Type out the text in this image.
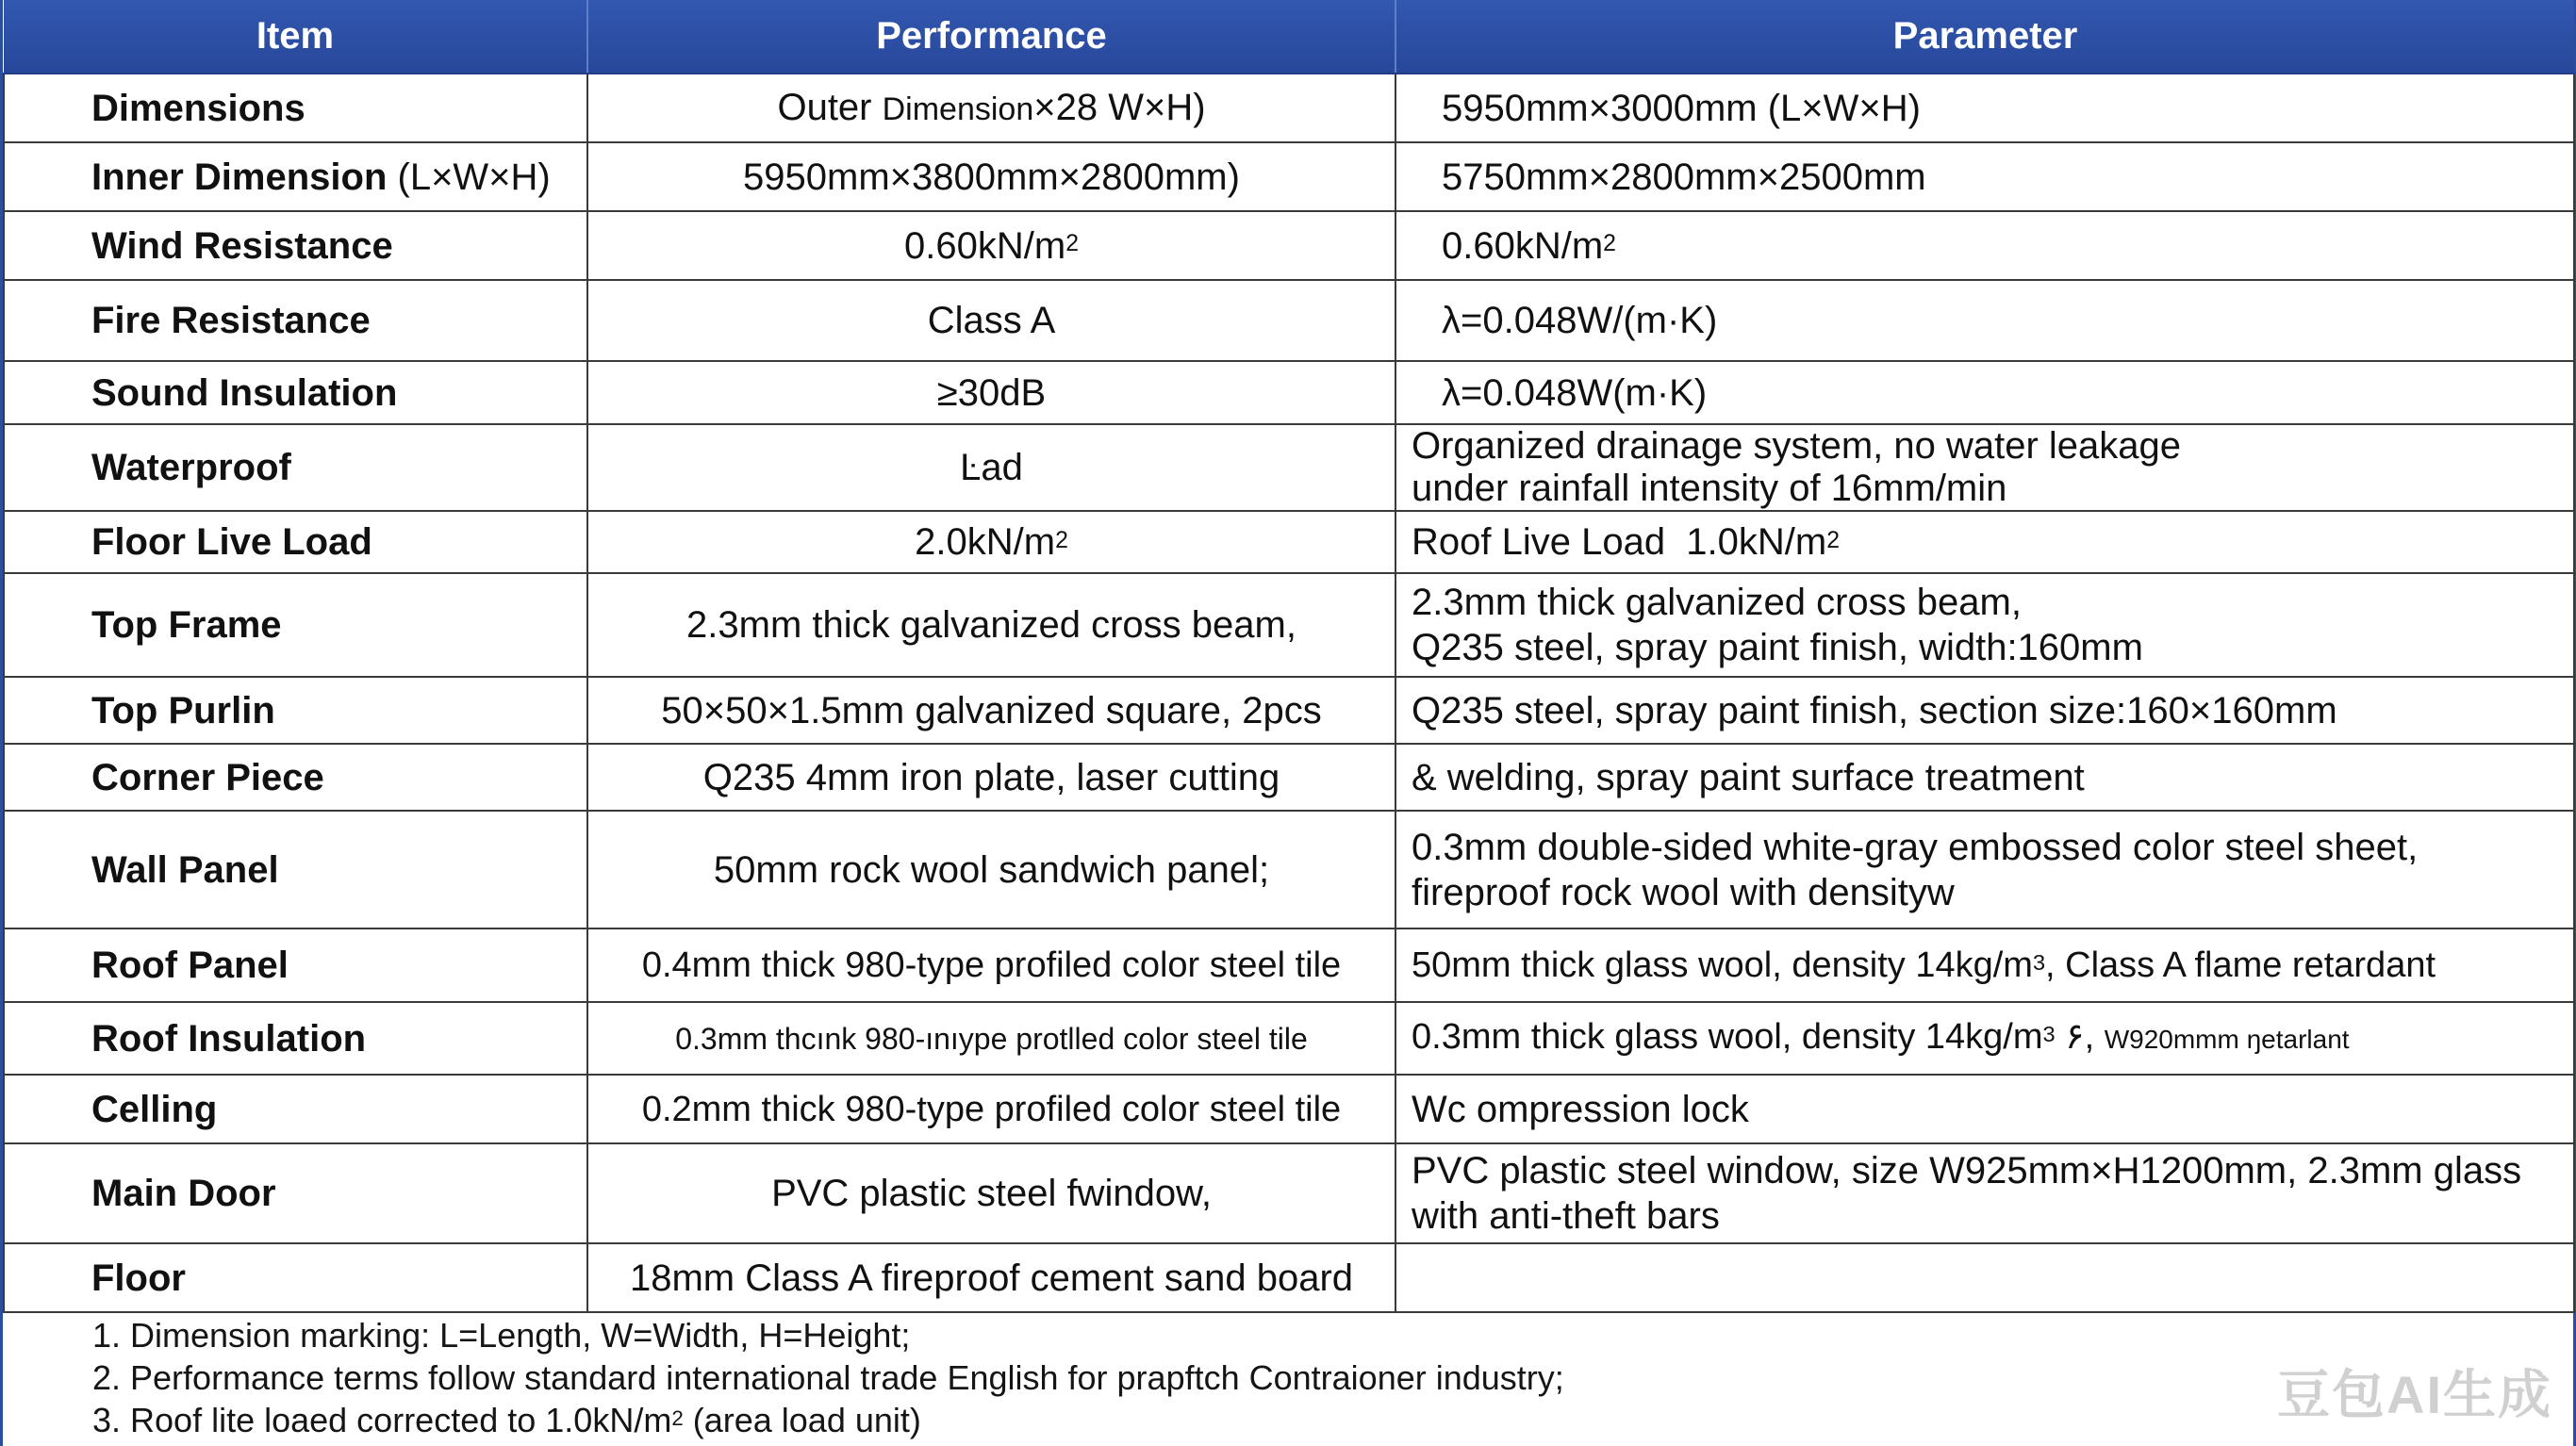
Item	Performance	Parameter
Dimensions	Outer Dimension×28 W×H)	5950mm×3000mm (L×W×H)
Inner Dimension (L×W×H)	5950mm×3800mm×2800mm)	5750mm×2800mm×2500mm
Wind Resistance	$0.60kN/m^2$	$0.60kN/m^2$
Fire Resistance	Class A	λ=0.048W/(m·K)
Sound Insulation	≥30dB	λ=0.048W(m·K)
Waterproof	Ŀad	Organized drainage system, no water leakage
under rainfall intensity of 16mm/min

Floor Live Load	$2.0kN/m^2$	Roof Live Load  $1.0kN/m^2$
Top Frame	2.3mm thick galvanized cross beam,	2.3mm thick galvanized cross beam,
Q235 steel, spray paint finish, width:160mm

Top Purlin	50×50×1.5mm galvanized square, 2pcs	Q235 steel, spray paint finish, section size:160×160mm
Corner Piece	Q235 4mm iron plate, laser cutting	& welding, spray paint surface treatment
Wall Panel	50mm rock wool sandwich panel;	0.3mm double-sided white-gray embossed color steel sheet,
fireproof rock wool with densityw

Roof Panel	0.4mm thick 980-type profiled color steel tile	50mm thick glass wool, density $14kg/m^3$, Class A flame retardant
Roof Insulation	0.3mm thcınk 980-ınıype protlled color steel tile	0.3mm thick glass wool, density $14kg/m^3$ ۶, W920mmm ŋetarlant
Celling	0.2mm thick 980-type profiled color steel tile	Wc ompression lock
Main Door	PVC plastic steel fwindow,	PVC plastic steel window, size W925mm×H1200mm, 2.3mm glass
with anti-theft bars

Floor	18mm Class A fireproof cement sand board	
1. Dimension marking: L=Length, W=Width, H=Height;
2. Performance terms follow standard international trade English for prapftch Contraioner industry;
3. Roof lite loaed corrected to $1.0kN/m^2$ (area load unit)	豆包AI生成
